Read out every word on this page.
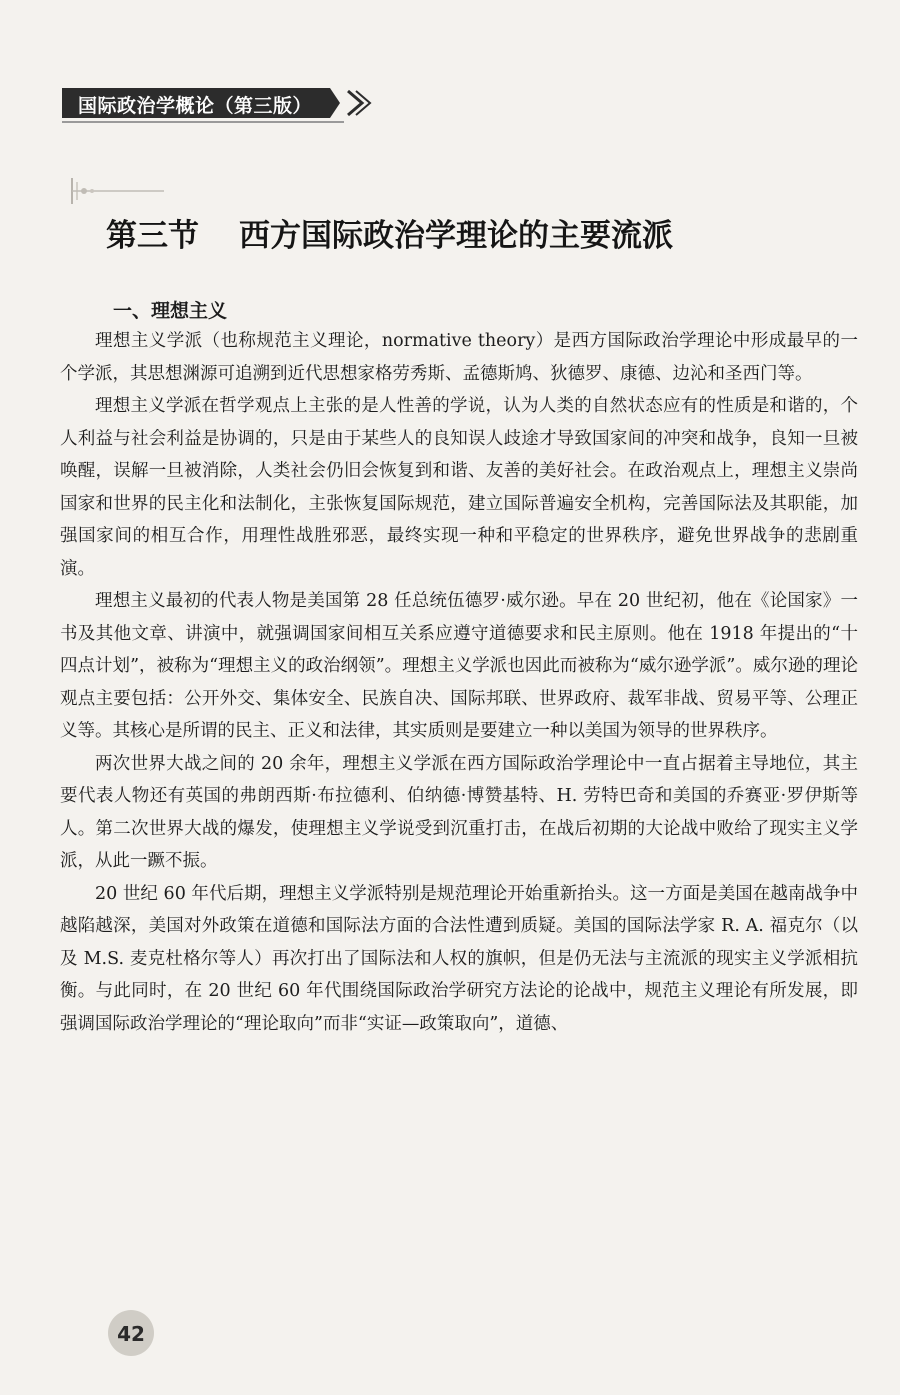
国际政治学概论（第三版）
第三节 西方国际政治学理论的主要流派
一、理想主义

理想主义学派（也称规范主义理论，normative theory）是西方国际政治学理论中形成最早的一个学派，其思想渊源可追溯到近代思想家格劳秀斯、孟德斯鸠、狄德罗、康德、边沁和圣西门等。

理想主义学派在哲学观点上主张的是人性善的学说，认为人类的自然状态应有的性质是和谐的，个人利益与社会利益是协调的，只是由于某些人的良知误人歧途才导致国家间的冲突和战争，良知一旦被唤醒，误解一旦被消除，人类社会仍旧会恢复到和谐、友善的美好社会。在政治观点上，理想主义崇尚国家和世界的民主化和法制化，主张恢复国际规范，建立国际普遍安全机构，完善国际法及其职能，加强国家间的相互合作，用理性战胜邪恶，最终实现一种和平稳定的世界秩序，避免世界战争的悲剧重演。

理想主义最初的代表人物是美国第 28 任总统伍德罗·威尔逊。早在 20 世纪初，他在《论国家》一书及其他文章、讲演中，就强调国家间相互关系应遵守道德要求和民主原则。他在 1918 年提出的“十四点计划”，被称为“理想主义的政治纲领”。理想主义学派也因此而被称为“威尔逊学派”。威尔逊的理论观点主要包括：公开外交、集体安全、民族自决、国际邦联、世界政府、裁军非战、贸易平等、公理正义等。其核心是所谓的民主、正义和法律，其实质则是要建立一种以美国为领导的世界秩序。

两次世界大战之间的 20 余年，理想主义学派在西方国际政治学理论中一直占据着主导地位，其主要代表人物还有英国的弗朗西斯·布拉德利、伯纳德·博赞基特、H. 劳特巴奇和美国的乔赛亚·罗伊斯等人。第二次世界大战的爆发，使理想主义学说受到沉重打击，在战后初期的大论战中败给了现实主义学派，从此一蹶不振。

20 世纪 60 年代后期，理想主义学派特别是规范理论开始重新抬头。这一方面是美国在越南战争中越陷越深，美国对外政策在道德和国际法方面的合法性遭到质疑。美国的国际法学家 R. A. 福克尔（以及 M.S. 麦克杜格尔等人）再次打出了国际法和人权的旗帜，但是仍无法与主流派的现实主义学派相抗衡。与此同时，在 20 世纪 60 年代围绕国际政治学研究方法论的论战中，规范主义理论有所发展，即强调国际政治学理论的“理论取向”而非“实证—政策取向”，道德、

42
